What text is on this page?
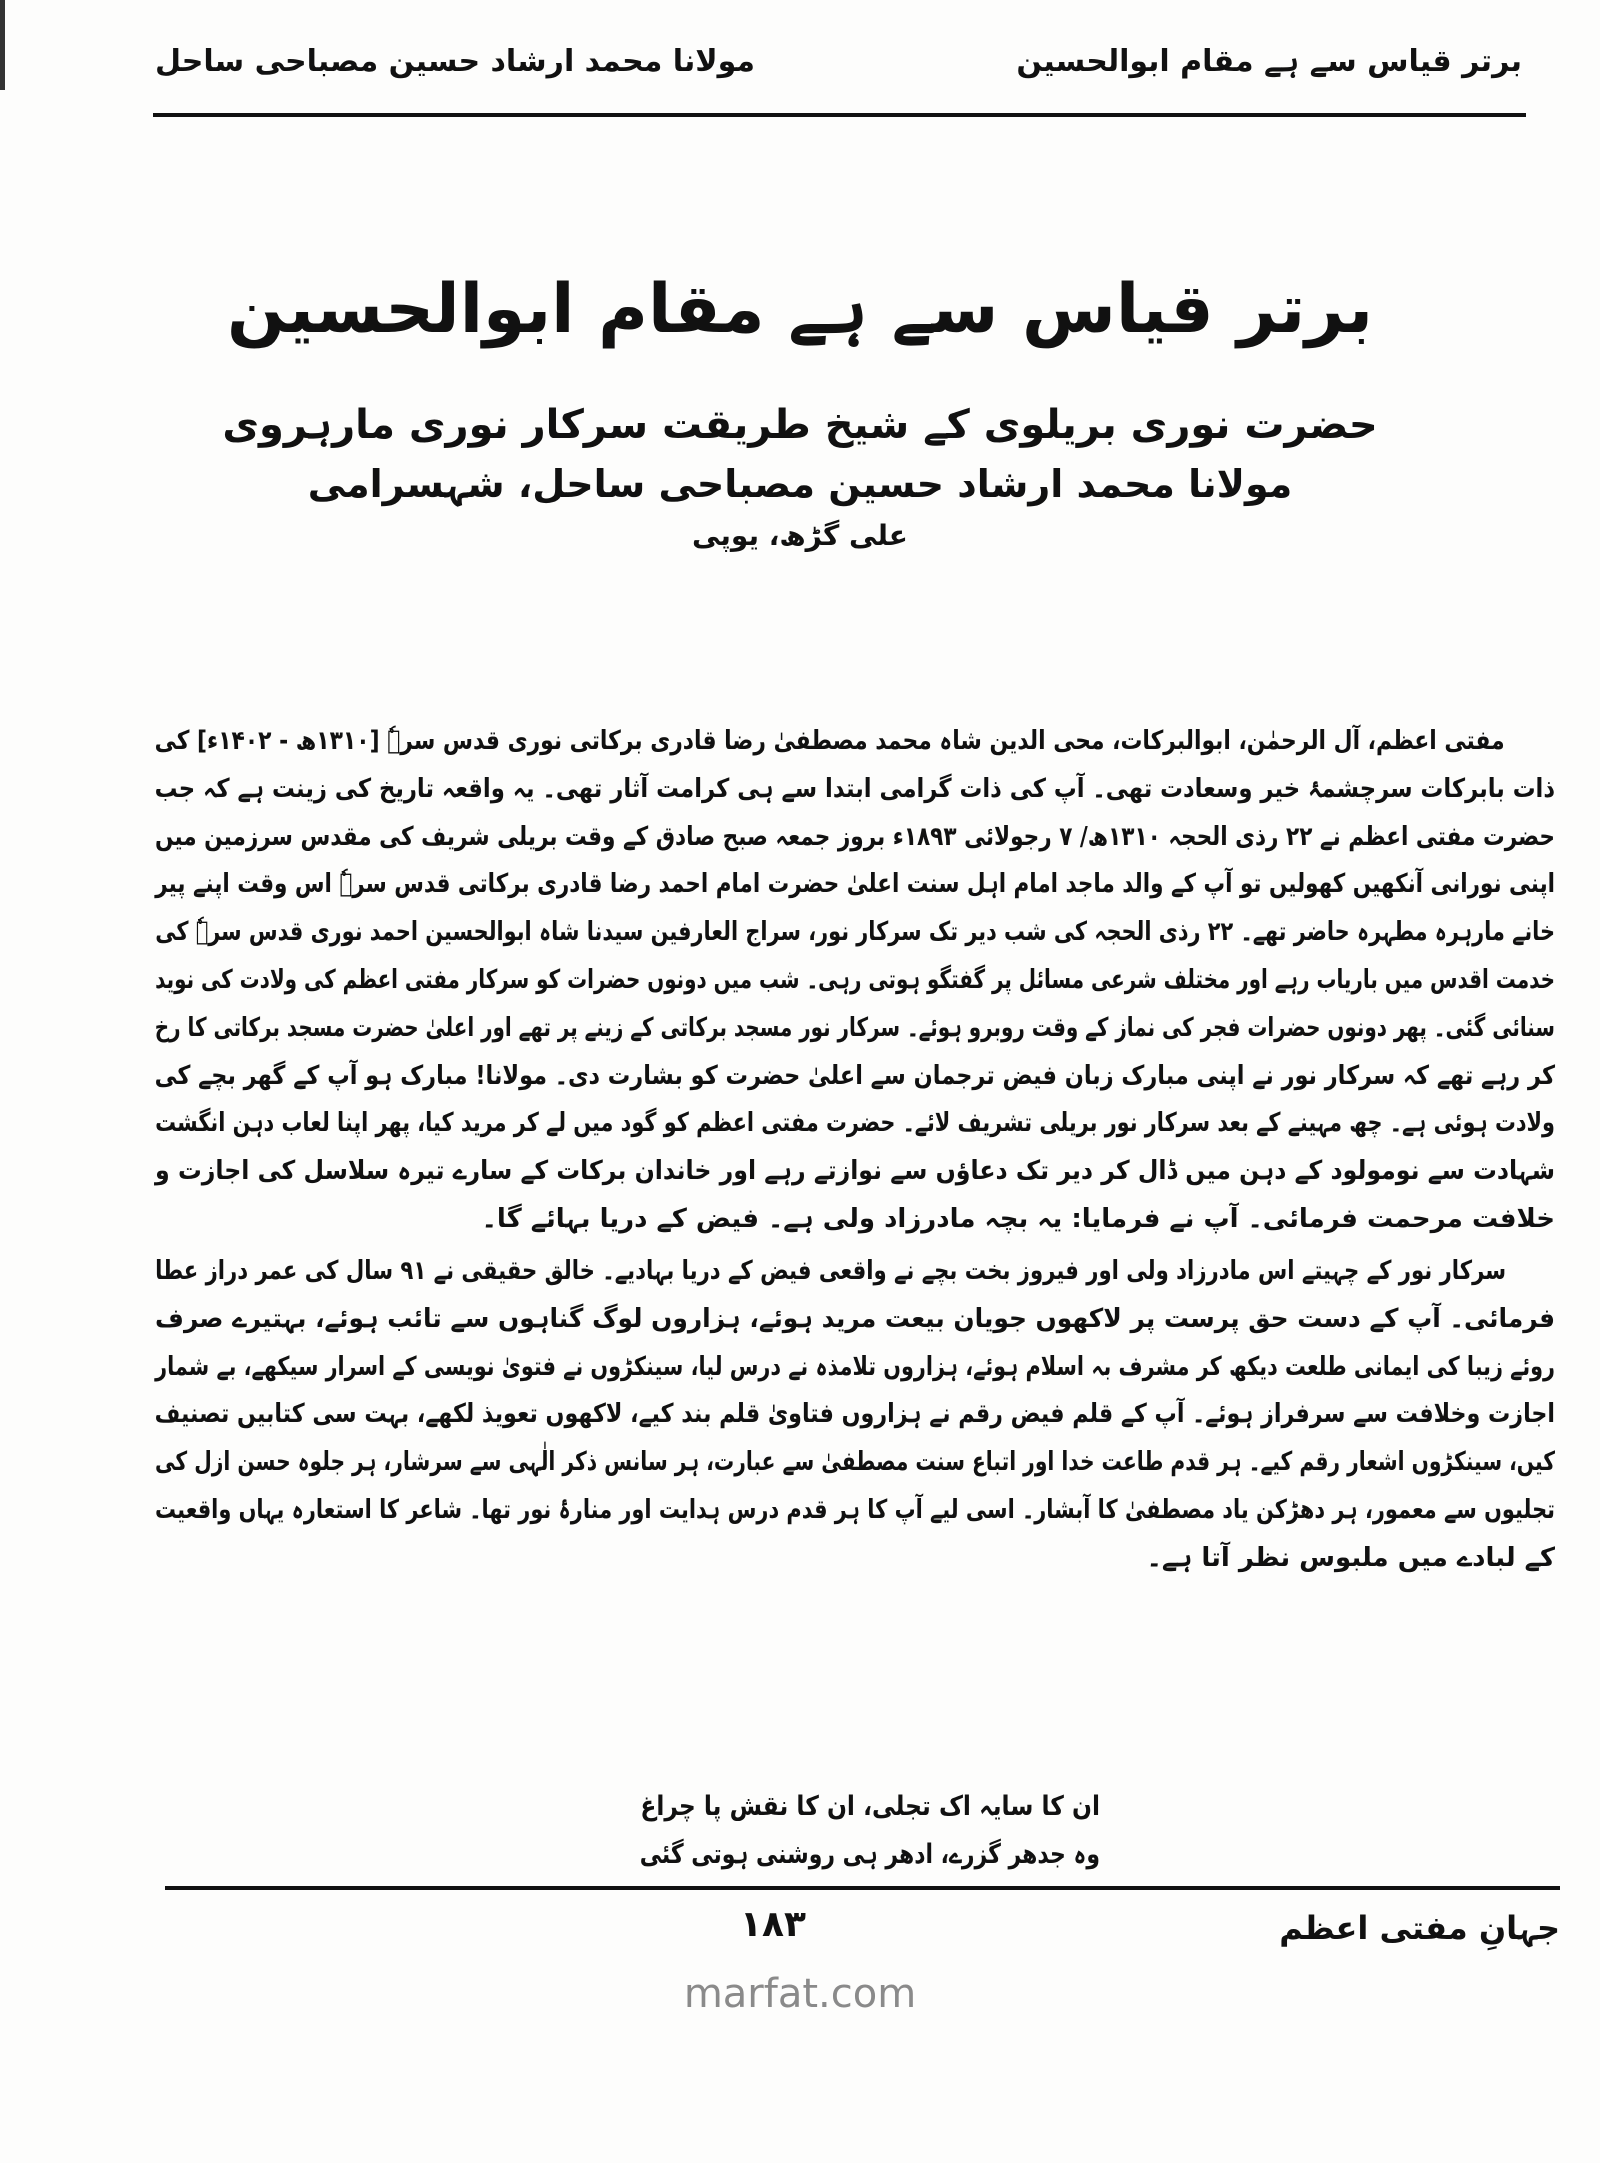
مولانا محمد ارشاد حسین مصباحی ساحل	برتر قیاس سے ہے مقام ابوالحسین
برتر قیاس سے ہے مقام ابوالحسین
حضرت نوری بریلوی کے شیخ طریقت سرکار نوری مارہروی
مولانا محمد ارشاد حسین مصباحی ساحل، شہسرامی
علی گڑھ، یوپی
مفتی اعظم، آل الرحمٰن، ابوالبرکات، محی الدین شاہ محمد مصطفیٰ رضا قادری برکاتی نوری قدس سرہٗ [۱۳۱۰ھ - ۱۴۰۲ء] کی
ذات بابرکات سرچشمۂ خیر وسعادت تھی۔ آپ کی ذات گرامی ابتدا سے ہی کرامت آثار تھی۔ یہ واقعہ تاریخ کی زینت ہے کہ جب
حضرت مفتی اعظم نے ۲۲ رذی الحجہ ۱۳۱۰ھ/ ۷ رجولائی ۱۸۹۳ء بروز جمعہ صبح صادق کے وقت بریلی شریف کی مقدس سرزمین میں
اپنی نورانی آنکھیں کھولیں تو آپ کے والد ماجد امام اہل سنت اعلیٰ حضرت امام احمد رضا قادری برکاتی قدس سرہٗ اس وقت اپنے پیر
خانے مارہرہ مطہرہ حاضر تھے۔ ۲۲ رذی الحجہ کی شب دیر تک سرکار نور، سراج العارفین سیدنا شاہ ابوالحسین احمد نوری قدس سرہٗ کی
خدمت اقدس میں باریاب رہے اور مختلف شرعی مسائل پر گفتگو ہوتی رہی۔ شب میں دونوں حضرات کو سرکار مفتی اعظم کی ولادت کی نوید
سنائی گئی۔ پھر دونوں حضرات فجر کی نماز کے وقت روبرو ہوئے۔ سرکار نور مسجد برکاتی کے زینے پر تھے اور اعلیٰ حضرت مسجد برکاتی کا رخ
کر رہے تھے کہ سرکار نور نے اپنی مبارک زبان فیض ترجمان سے اعلیٰ حضرت کو بشارت دی۔ مولانا! مبارک ہو آپ کے گھر بچے کی
ولادت ہوئی ہے۔ چھ مہینے کے بعد سرکار نور بریلی تشریف لائے۔ حضرت مفتی اعظم کو گود میں لے کر مرید کیا، پھر اپنا لعاب دہن انگشت
شہادت سے نومولود کے دہن میں ڈال کر دیر تک دعاؤں سے نوازتے رہے اور خاندان برکات کے سارے تیرہ سلاسل کی اجازت و
خلافت مرحمت فرمائی۔ آپ نے فرمایا: یہ بچہ مادرزاد ولی ہے۔ فیض کے دریا بہائے گا۔
سرکار نور کے چہیتے اس مادرزاد ولی اور فیروز بخت بچے نے واقعی فیض کے دریا بہادیے۔ خالق حقیقی نے ۹۱ سال کی عمر دراز عطا
فرمائی۔ آپ کے دست حق پرست پر لاکھوں جویان بیعت مرید ہوئے، ہزاروں لوگ گناہوں سے تائب ہوئے، بہتیرے صرف
روئے زیبا کی ایمانی طلعت دیکھ کر مشرف بہ اسلام ہوئے، ہزاروں تلامذہ نے درس لیا، سینکڑوں نے فتویٰ نویسی کے اسرار سیکھے، بے شمار
اجازت وخلافت سے سرفراز ہوئے۔ آپ کے قلم فیض رقم نے ہزاروں فتاویٰ قلم بند کیے، لاکھوں تعویذ لکھے، بہت سی کتابیں تصنیف
کیں، سینکڑوں اشعار رقم کیے۔ ہر قدم طاعت خدا اور اتباع سنت مصطفیٰ سے عبارت، ہر سانس ذکر الٰہی سے سرشار، ہر جلوہ حسن ازل کی
تجلیوں سے معمور، ہر دھڑکن یاد مصطفیٰ کا آبشار۔ اسی لیے آپ کا ہر قدم درس ہدایت اور منارۂ نور تھا۔ شاعر کا استعارہ یہاں واقعیت
کے لبادے میں ملبوس نظر آتا ہے۔
ان کا سایہ اک تجلی، ان کا نقش پا چراغ
وہ جدھر گزرے، ادھر ہی روشنی ہوتی گئی
۱۸۳	جہانِ مفتی اعظم
marfat.com
